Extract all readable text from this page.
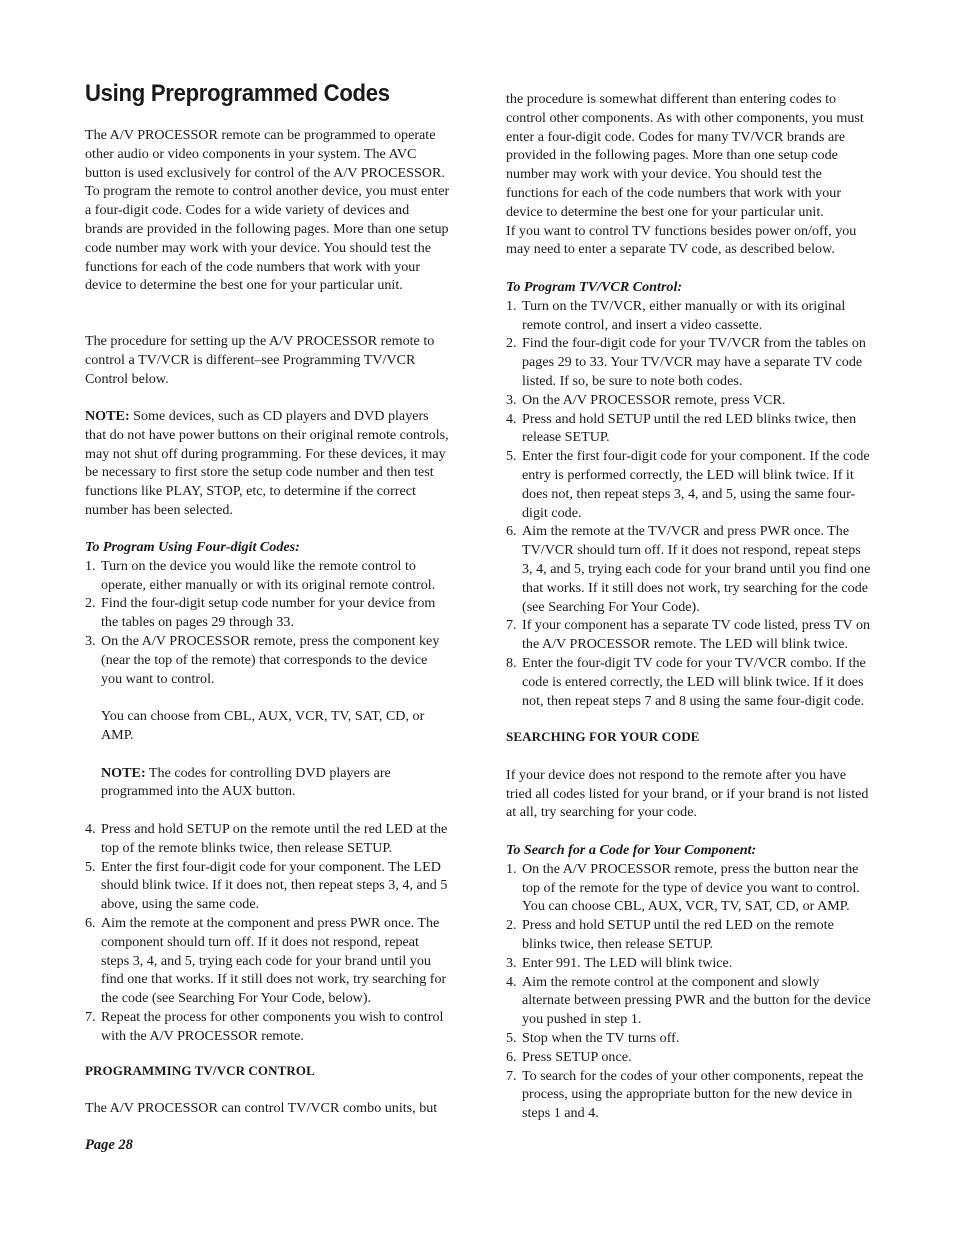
Using Preprogrammed Codes

The A/V PROCESSOR remote can be programmed to operate other audio or video components in your system. The AVC button is used exclusively for control of the A/V PROCESSOR. To program the remote to control another device, you must enter a four-digit code. Codes for a wide variety of devices and brands are provided in the following pages. More than one setup code number may work with your device. You should test the functions for each of the code numbers that work with your device to determine the best one for your particular unit.

The procedure for setting up the A/V PROCESSOR remote to control a TV/VCR is different–see Programming TV/VCR Control below.

NOTE: Some devices, such as CD players and DVD players that do not have power buttons on their original remote controls, may not shut off during programming. For these devices, it may be necessary to first store the setup code number and then test functions like PLAY, STOP, etc, to determine if the correct number has been selected.

To Program Using Four-digit Codes:

1. Turn on the device you would like the remote control to operate, either manually or with its original remote control.
2. Find the four-digit setup code number for your device from the tables on pages 29 through 33.
3. On the A/V PROCESSOR remote, press the component key (near the top of the remote) that corresponds to the device you want to control.

You can choose from CBL, AUX, VCR, TV, SAT, CD, or AMP.

NOTE: The codes for controlling DVD players are programmed into the AUX button.

4. Press and hold SETUP on the remote until the red LED at the top of the remote blinks twice, then release SETUP.
5. Enter the first four-digit code for your component. The LED should blink twice. If it does not, then repeat steps 3, 4, and 5 above, using the same code.
6. Aim the remote at the component and press PWR once. The component should turn off. If it does not respond, repeat steps 3, 4, and 5, trying each code for your brand until you find one that works. If it still does not work, try searching for the code (see Searching For Your Code, below).
7. Repeat the process for other components you wish to control with the A/V PROCESSOR remote.

PROGRAMMING TV/VCR CONTROL

The A/V PROCESSOR can control TV/VCR combo units, but

the procedure is somewhat different than entering codes to control other components. As with other components, you must enter a four-digit code. Codes for many TV/VCR brands are provided in the following pages. More than one setup code number may work with your device. You should test the functions for each of the code numbers that work with your device to determine the best one for your particular unit.

If you want to control TV functions besides power on/off, you may need to enter a separate TV code, as described below.

To Program TV/VCR Control:

1. Turn on the TV/VCR, either manually or with its original remote control, and insert a video cassette.
2. Find the four-digit code for your TV/VCR from the tables on pages 29 to 33. Your TV/VCR may have a separate TV code listed. If so, be sure to note both codes.
3. On the A/V PROCESSOR remote, press VCR.
4. Press and hold SETUP until the red LED blinks twice, then release SETUP.
5. Enter the first four-digit code for your component. If the code entry is performed correctly, the LED will blink twice. If it does not, then repeat steps 3, 4, and 5, using the same four-digit code.
6. Aim the remote at the TV/VCR and press PWR once. The TV/VCR should turn off. If it does not respond, repeat steps 3, 4, and 5, trying each code for your brand until you find one that works. If it still does not work, try searching for the code (see Searching For Your Code).
7. If your component has a separate TV code listed, press TV on the A/V PROCESSOR remote. The LED will blink twice.
8. Enter the four-digit TV code for your TV/VCR combo. If the code is entered correctly, the LED will blink twice. If it does not, then repeat steps 7 and 8 using the same four-digit code.

SEARCHING FOR YOUR CODE

If your device does not respond to the remote after you have tried all codes listed for your brand, or if your brand is not listed at all, try searching for your code.

To Search for a Code for Your Component:

1. On the A/V PROCESSOR remote, press the button near the top of the remote for the type of device you want to control. You can choose CBL, AUX, VCR, TV, SAT, CD, or AMP.
2. Press and hold SETUP until the red LED on the remote blinks twice, then release SETUP.
3. Enter 991. The LED will blink twice.
4. Aim the remote control at the component and slowly alternate between pressing PWR and the button for the device you pushed in step 1.
5. Stop when the TV turns off.
6. Press SETUP once.
7. To search for the codes of your other components, repeat the process, using the appropriate button for the new device in steps 1 and 4.
Page 28
